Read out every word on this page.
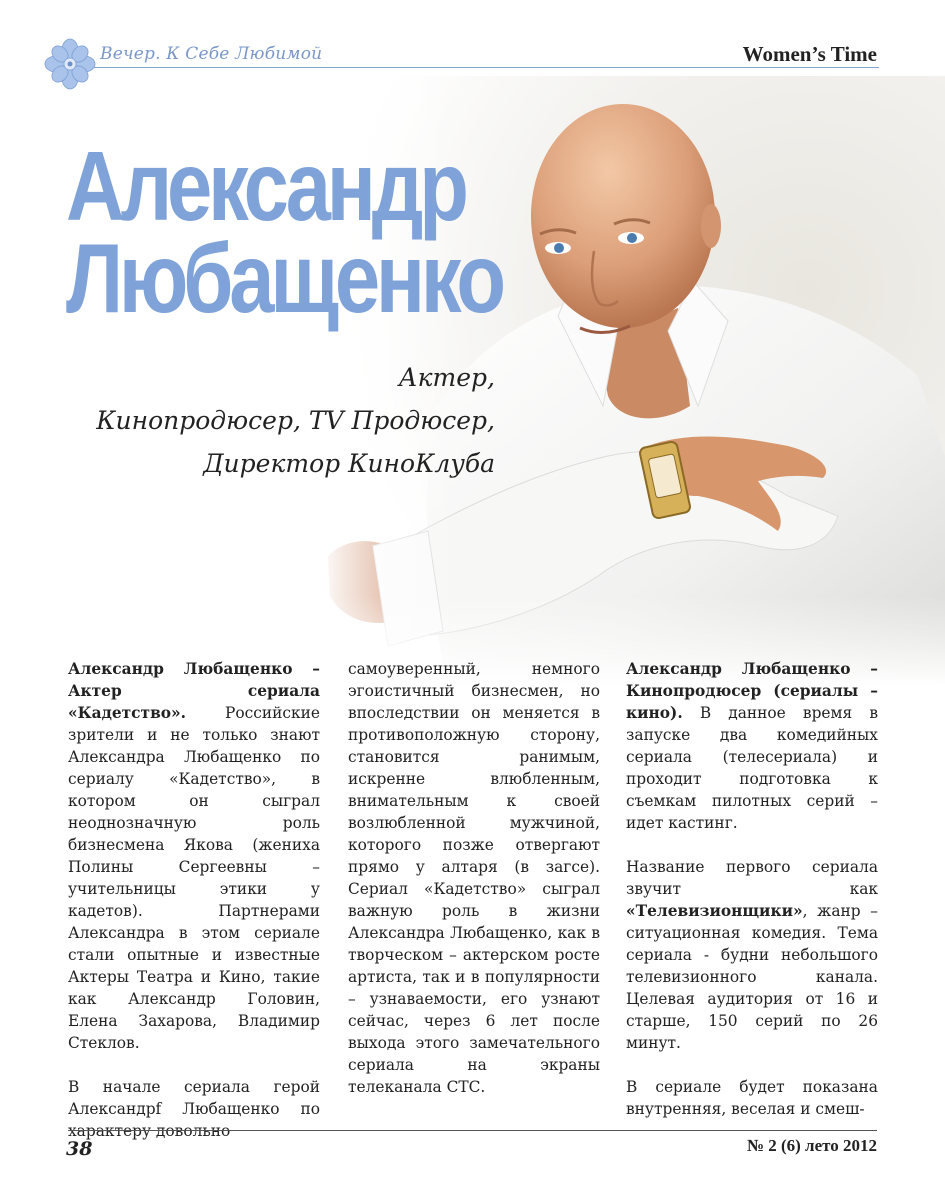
Вечер. К Себе Любимой	Women’s Time
Александр
Любащенко
Актер,
Кинопродюсер, ТV Продюсер,
Директор КиноКлуба

Александр Любащенко – Актер сериала «Кадетство». Российские зрители и не только знают Александра Любащенко по сериалу «Кадетство», в котором он сыграл неоднозначную роль бизнесмена Якова (жениха Полины Сергеевны – учительницы этики у кадетов). Партнерами Александра в этом сериале стали опытные и известные Актеры Театра и Кино, такие как Александр Головин, Елена Захарова, Владимир Стеклов.

В начале сериала герой Александрf Любащенко по характеру довольно

самоуверенный, немного эгоистичный бизнесмен, но впоследствии он меняется в противоположную сторону, становится ранимым, искренне влюбленным, внимательным к своей возлюбленной мужчиной, которого позже отвергают прямо у алтаря (в загсе). Сериал «Кадетство» сыграл важную роль в жизни Александра Любащенко, как в творческом – актерском росте артиста, так и в популярности – узнаваемости, его узнают сейчас, через 6 лет после выхода этого замечательного сериала на экраны телеканала СТС.

Александр Любащенко – Кинопродюсер (сериалы – кино). В данное время в запуске два комедийных сериала (телесериала) и проходит подготовка к съемкам пилотных серий – идет кастинг.

Название первого сериала звучит как «Телевизионщики», жанр – ситуационная комедия. Тема сериала - будни небольшого телевизионного канала. Целевая аудитория от 16 и старше, 150 серий по 26 минут.

В сериале будет показана внутренняя, веселая и смеш-

38	№ 2 (6) лето 2012
